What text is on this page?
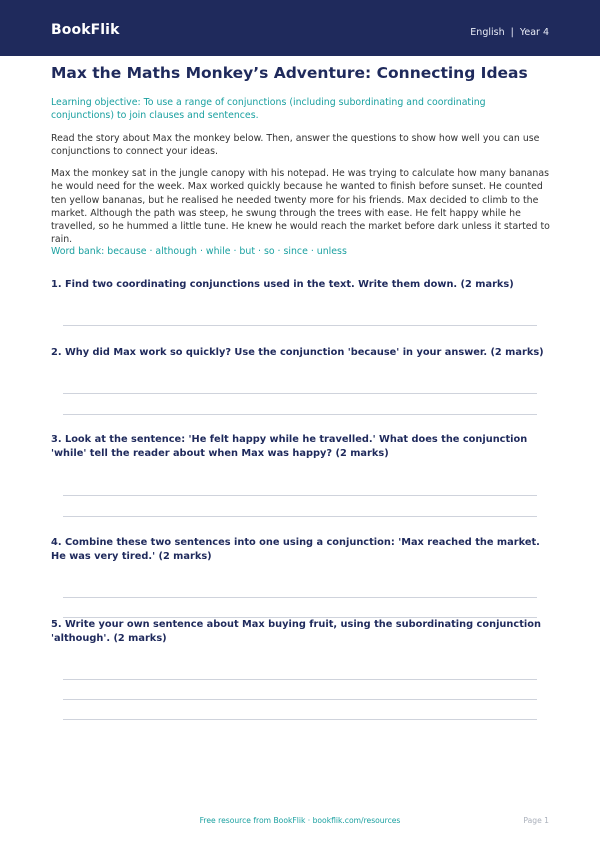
BookFlik	English | Year 4
Max the Maths Monkey’s Adventure: Connecting Ideas

Learning objective: To use a range of conjunctions (including subordinating and coordinating conjunctions) to join clauses and sentences.

Read the story about Max the monkey below. Then, answer the questions to show how well you can use conjunctions to connect your ideas.

Max the monkey sat in the jungle canopy with his notepad. He was trying to calculate how many bananas he would need for the week. Max worked quickly because he wanted to finish before sunset. He counted ten yellow bananas, but he realised he needed twenty more for his friends. Max decided to climb to the market. Although the path was steep, he swung through the trees with ease. He felt happy while he travelled, so he hummed a little tune. He knew he would reach the market before dark unless it started to rain.

Word bank: because · although · while · but · so · since · unless

1. Find two coordinating conjunctions used in the text. Write them down. (2 marks)

2. Why did Max work so quickly? Use the conjunction 'because' in your answer. (2 marks)

3. Look at the sentence: 'He felt happy while he travelled.' What does the conjunction 'while' tell the reader about when Max was happy? (2 marks)

4. Combine these two sentences into one using a conjunction: 'Max reached the market. He was very tired.' (2 marks)

5. Write your own sentence about Max buying fruit, using the subordinating conjunction 'although'. (2 marks)

Free resource from BookFlik · bookflik.com/resources	Page 1
